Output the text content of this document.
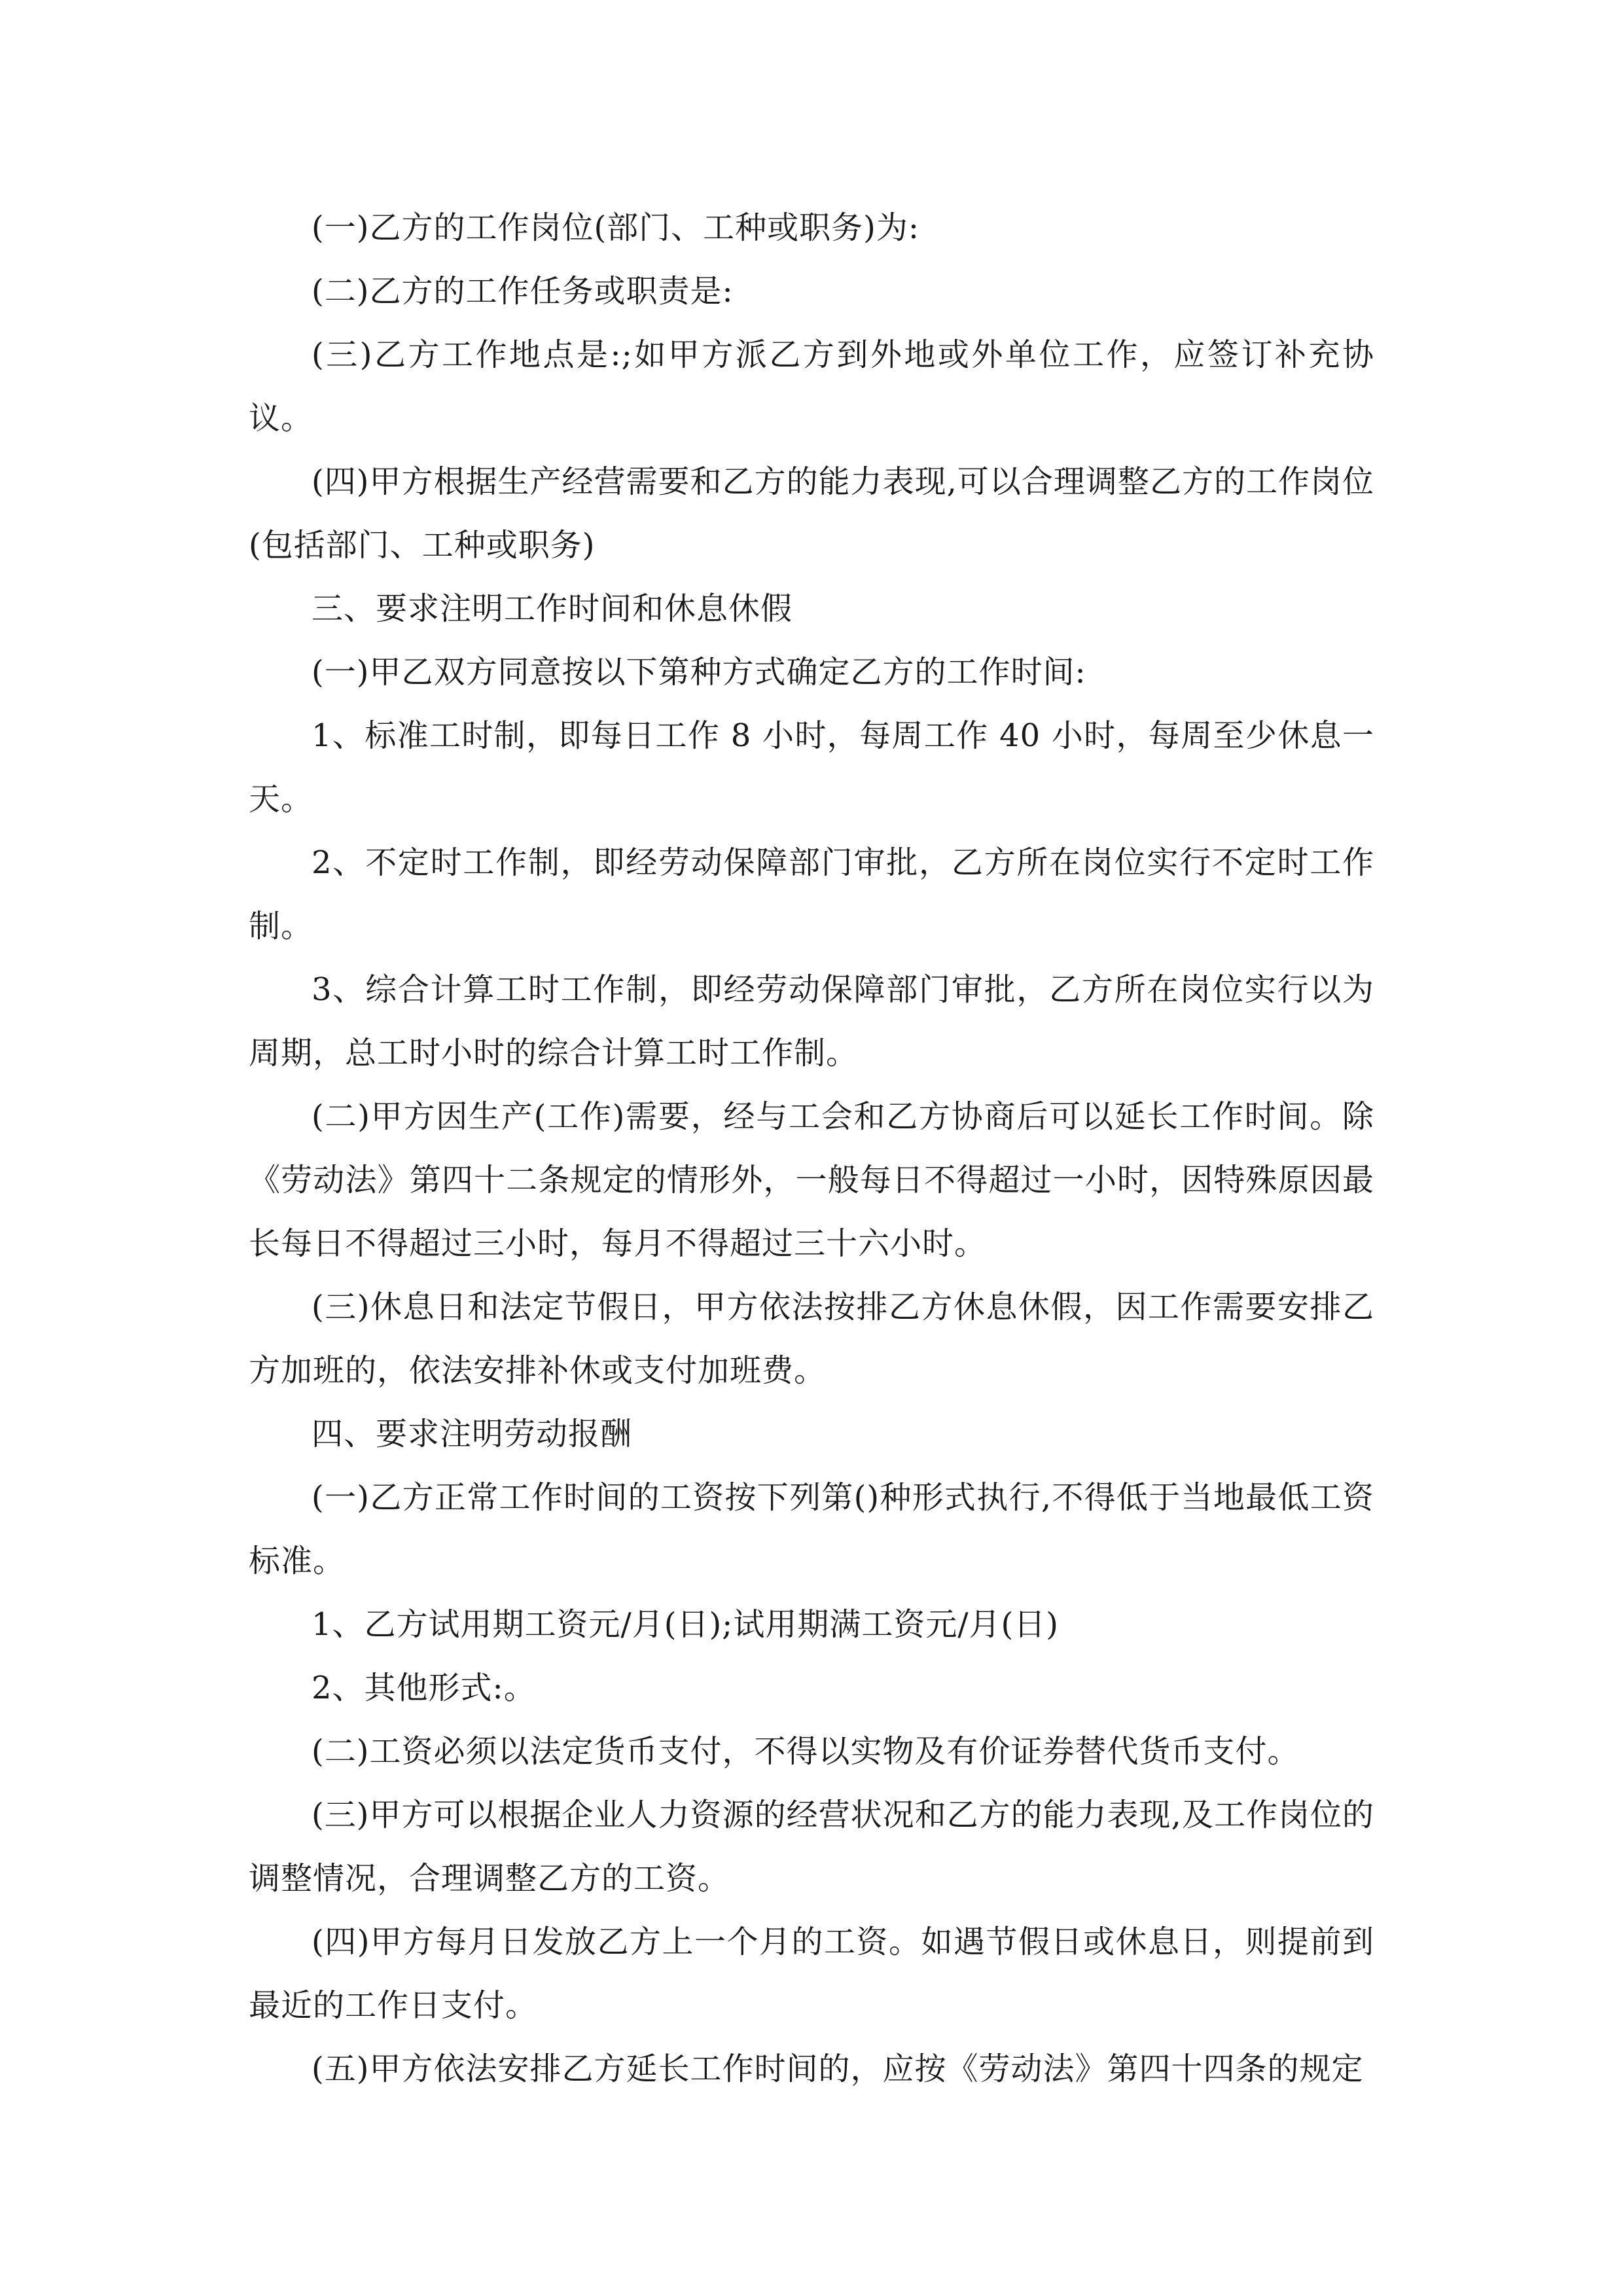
(一)乙方的工作岗位(部门、工种或职务)为:

(二)乙方的工作任务或职责是:

(三)乙方工作地点是:;如甲方派乙方到外地或外单位工作，应签订补充协议。

(四)甲方根据生产经营需要和乙方的能力表现,可以合理调整乙方的工作岗位(包括部门、工种或职务)

三、要求注明工作时间和休息休假

(一)甲乙双方同意按以下第种方式确定乙方的工作时间:

1、标准工时制，即每日工作 8 小时，每周工作 40 小时，每周至少休息一天。

2、不定时工作制，即经劳动保障部门审批，乙方所在岗位实行不定时工作制。

3、综合计算工时工作制，即经劳动保障部门审批，乙方所在岗位实行以为周期，总工时小时的综合计算工时工作制。

(二)甲方因生产(工作)需要，经与工会和乙方协商后可以延长工作时间。除《劳动法》第四十二条规定的情形外，一般每日不得超过一小时，因特殊原因最长每日不得超过三小时，每月不得超过三十六小时。

(三)休息日和法定节假日，甲方依法按排乙方休息休假，因工作需要安排乙方加班的，依法安排补休或支付加班费。

四、要求注明劳动报酬

(一)乙方正常工作时间的工资按下列第()种形式执行,不得低于当地最低工资标准。

1、乙方试用期工资元/月(日);试用期满工资元/月(日)

2、其他形式:。

(二)工资必须以法定货币支付，不得以实物及有价证券替代货币支付。

(三)甲方可以根据企业人力资源的经营状况和乙方的能力表现,及工作岗位的调整情况，合理调整乙方的工资。

(四)甲方每月日发放乙方上一个月的工资。如遇节假日或休息日，则提前到最近的工作日支付。

(五)甲方依法安排乙方延长工作时间的，应按《劳动法》第四十四条的规定
